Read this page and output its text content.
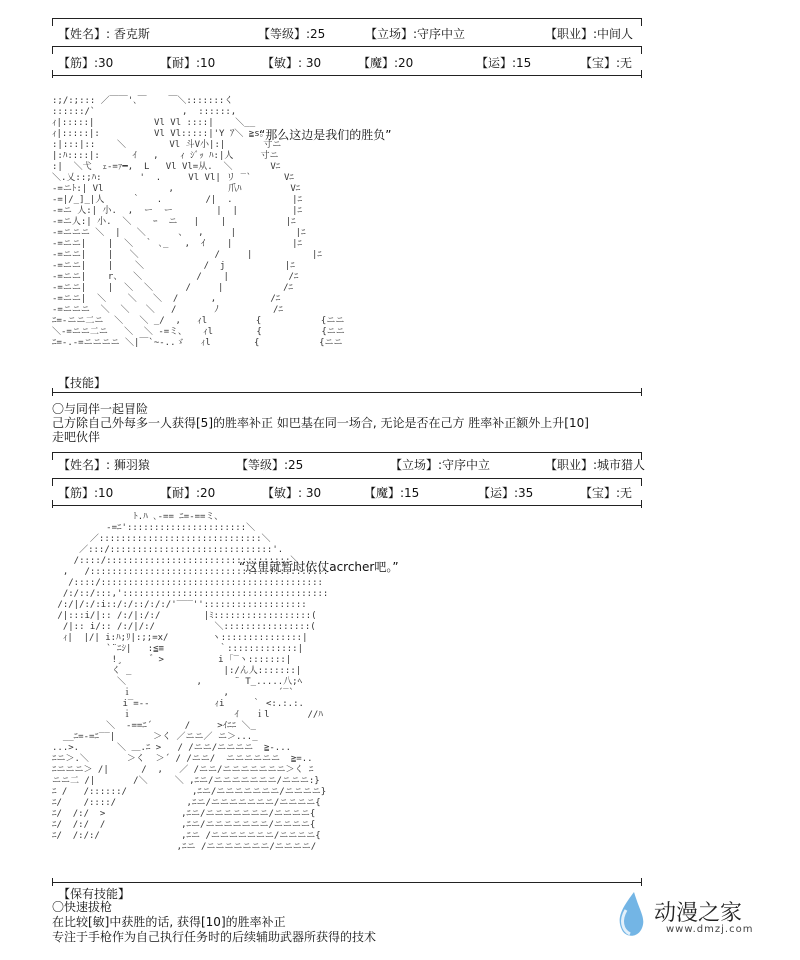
【姓名】: 香克斯	【等级】:25	【立场】:守序中立	【职业】:中间人
【筋】:30	【耐】:10	【敏】: 30	【魔】:20	【运】:15	【宝】:无
:;/:;::: ／￣￣'､￣    ￣＼:::::::く
::::::/`                ,  ::::::,
ｨ|:::::|           Vl Vl ::::|    ＼__
ｨ|:::::|:          Vl Vl:::::|'Y ｱ＼ ≧s。
:|:::|::    ＼        Vl 斗V小|:|       寸ニ
|:ﾊ::::|:      ｲ   ,    ｨ ｼﾞｯ ﾊ:|人     寸ニ
:|  ＼弋  ｪ-=ｧ━,  L   Vl Vl=从.  ＼       Vﾆ
＼.乂::;ﾊ:       '  .     Vl Vl| リ ‾`      Vﾆ
-=ニﾄ:| Vl            ,          爪ﾊ         Vﾆ
-=|/_]_|人     ｀   .        /|  .           |ﾆ
-=ニ 人:| 小.  ,  ー  ー        |  |          |ﾆ
-=ニ人:| 小.  ＼    ｰ  ニ   |    |           |ﾆ
-=ニニニ ＼  |   ＼      、  ,     |           |ﾆ
-=ニニ|    |  ＼  ｀ ､_   ,  ｲ    |           |ﾆ
-=ニニ|    |   ＼              /     |           |ﾆ
-=ニニ|    |    ＼           /  j           |ﾆ
-=ニニ|    r、  ＼          /    |           /ﾆ
-=ニニ|    |  ＼  ＼      /     |           /ﾆ
-=ニニ|  ＼    ＼   ＼  /      ,          /ﾆ
-=ニニニ  ＼  ＼   ＼   /       ﾉ          /ﾆ
ﾆ=-ニニ二ニ  ＼   ＼ _/  ,   ｨl         {           {ニニ
＼-=ニニ二ニ   ＼  ＼ -=ミ、   ｨl        {           {ニニ
ﾆ=-.-=ニニニニ ＼|￣`~‐..ゞ   ｨl        {           {ニニ
“那么这边是我们的胜负”
【技能】
〇与同伴一起冒险
己方除自己外每多一人获得[5]的胜率补正 如巴基在同一场合, 无论是否在己方 胜率补正额外上升[10]
走吧伙伴
【姓名】: 狮羽猿	【等级】:25	【立场】:守序中立	【职业】:城市猎人
【筋】:10	【耐】:20	【敏】: 30	【魔】:15	【运】:35	【宝】:无
ﾄ.ﾊ ､-== ﾆ=-==ミ、
-=ﾆ'::::::::::::::::::::::＼
／::::::::::::::::::::::::::::::＼
／:::/::::::::::::::::::::::::::::::'.
/::::/::::::::::::::::::::::::::::::::::＼
,   /::::::::::::::::::::::::::::::::::::::::::::
/::::/:::::::::::::::::::::::::::::::::::::::::
/:/::/:::,'::::::::::::::::::::::::::::::::::::::
/:/|/:/:i::/:/::/:/:/'‾‾‾'':::::::::::::::::::
/|:::i/|:: /:/|:/:/        |ﾐ::::::::::::::::::(
/|:: i/:: /:/|/:/           ＼::::::::::::::::(
ｨ|  |/| i:ﾊ;ﾘ|:;;=x/        ヽ:::::::::::::::|
`¨ﾆｼ|   :≦≡          ｀:::::::::::::|
!¸     ゛>          i ｢‾ヽ:::::::|
く _                 |:/ん人:::::::|
＼             ,      ¨ T_.....八;ﾍ
ｉ                 ,         ´‾`
i‾=--            ｨi     ｀ <:.:.:.
ｉ                   ｲ   ｉl       //ﾊ
＼  ‐==ﾆ´      /     >ｲﾆﾆ ＼_
__ﾆ=-=ﾆ‾‾|       ＞く ／ニニ／ ニ＞..._
...>.       ＼ ＿.ﾆ >   / /ニニ/ニニニニ  ≧-...
ﾆニ＞.＼       ＞く  ＞´ / /ニニ/  ニニニニニニ  ≧=..
ﾆニニニ＞ /|      /  ,   ／ /ニニ/ニニニニニニニ＞く ﾆ
ニニ二 /|       /＼     ＼ ,ﾆニ/ニニニニニニニ/ニニニ:}
ﾆ /   /::::::/            ,ﾆニ/ニニニニニニニ/ニニニニ}
ﾆ/    /::::/             ,ﾆニ/ニニニニニニニ/ニニニニ{
ﾆ/  /:/  >              ,ﾆニ/ニニニニニニニ/ニニニニ{
ﾆ/  /:/  /              ,ﾆニ/ニニニニニニニ/ニニニニ{
ﾆ/  /:/:/               ,ﾆニ /ニニニニニニニ/ニニニニ{
,ﾆニ /ニニニニニニニ/ニニニニ/
“这里就暂时依仗acrcher吧。”
【保有技能】
〇快速拔枪
在比较[敏]中获胜的话, 获得[10]的胜率补正
专注于手枪作为自己执行任务时的后续辅助武器所获得的技术
动漫之家
www.dmzj.com
